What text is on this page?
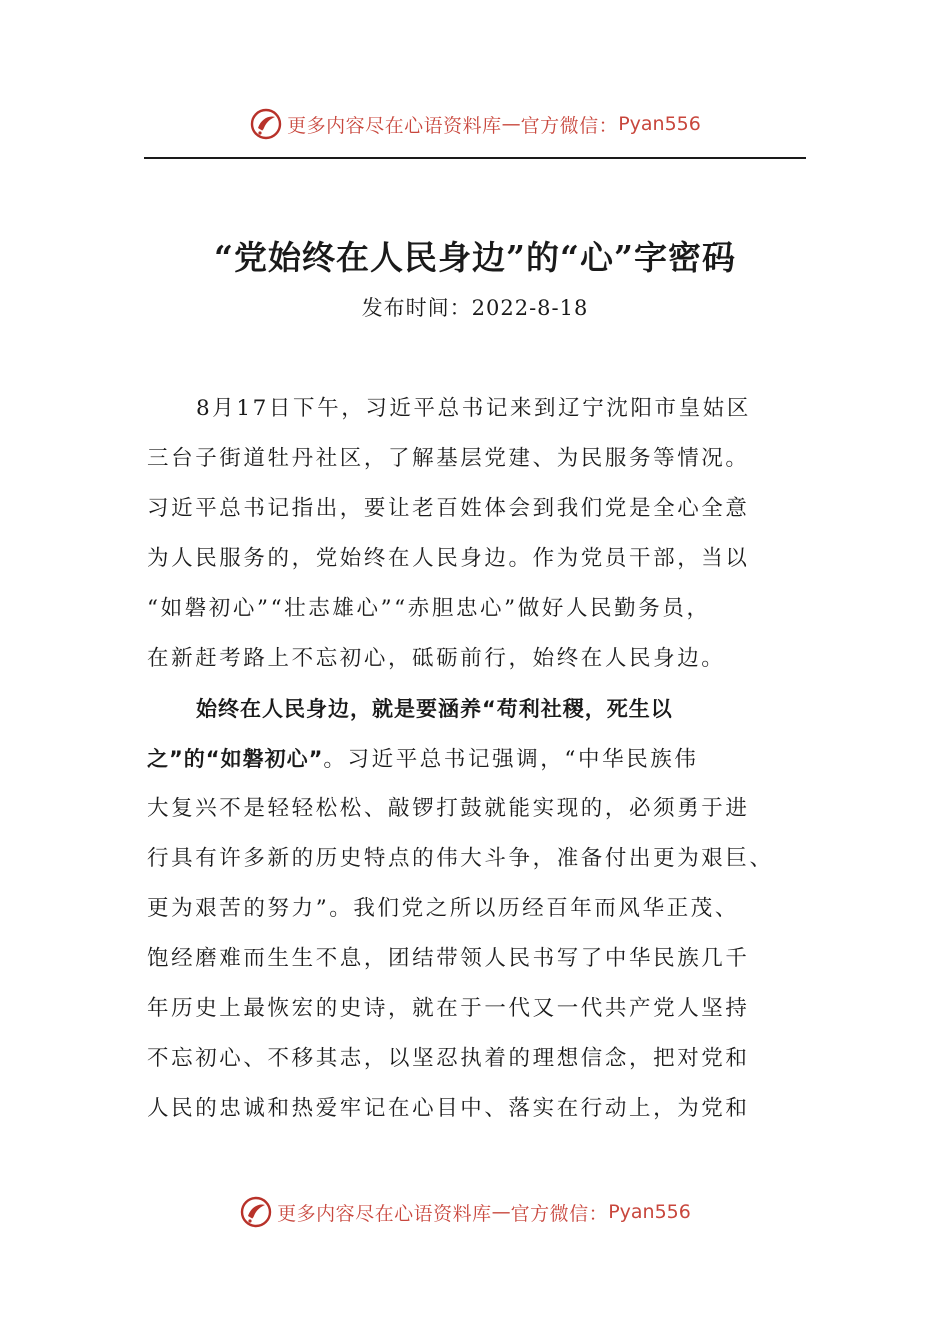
更多内容尽在心语资料库 — 官方微信： Pyan556
“党始终在人民身边”的“心”字密码
发布时间：2022-8-18
8月17日下午，习近平总书记来到辽宁沈阳市皇姑区
三台子街道牡丹社区，了解基层党建、为民服务等情况。
习近平总书记指出，要让老百姓体会到我们党是全心全意
为人民服务的，党始终在人民身边。作为党员干部，当以
“如磐初心”“壮志雄心”“赤胆忠心”做好人民勤务员，
在新赶考路上不忘初心，砥砺前行，始终在人民身边。
始终在人民身边，就是要涵养“苟利社稷，死生以
之”的“如磐初心”。习近平总书记强调，“中华民族伟
大复兴不是轻轻松松、敲锣打鼓就能实现的，必须勇于进
行具有许多新的历史特点的伟大斗争，准备付出更为艰巨、
更为艰苦的努力”。我们党之所以历经百年而风华正茂、
饱经磨难而生生不息，团结带领人民书写了中华民族几千
年历史上最恢宏的史诗，就在于一代又一代共产党人坚持
不忘初心、不移其志，以坚忍执着的理想信念，把对党和
人民的忠诚和热爱牢记在心目中、落实在行动上，为党和
更多内容尽在心语资料库 — 官方微信： Pyan556
